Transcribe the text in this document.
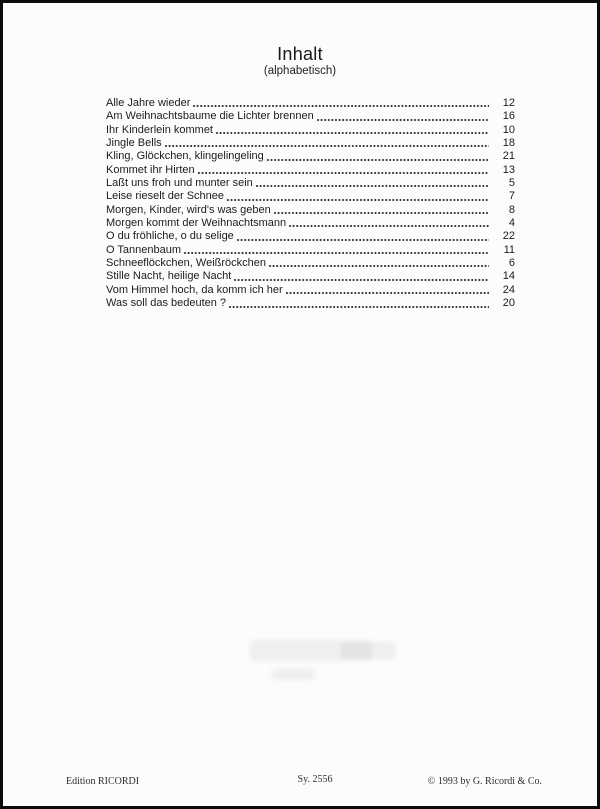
Inhalt
(alphabetisch)
Alle Jahre wieder	12
Am Weihnachtsbaume die Lichter brennen	16
Ihr Kinderlein kommet	10
Jingle Bells	18
Kling, Glöckchen, klingelingeling	21
Kommet ihr Hirten	13
Laßt uns froh und munter sein	5
Leise rieselt der Schnee	7
Morgen, Kinder, wird's was geben	8
Morgen kommt der Weihnachtsmann	4
O du fröhliche, o du selige	22
O Tannenbaum	11
Schneeflöckchen, Weißröckchen	6
Stille Nacht, heilige Nacht	14
Vom Himmel hoch, da komm ich her	24
Was soll das bedeuten ?	20
Edition RICORDI	Sy. 2556	© 1993 by G. Ricordi & Co.
